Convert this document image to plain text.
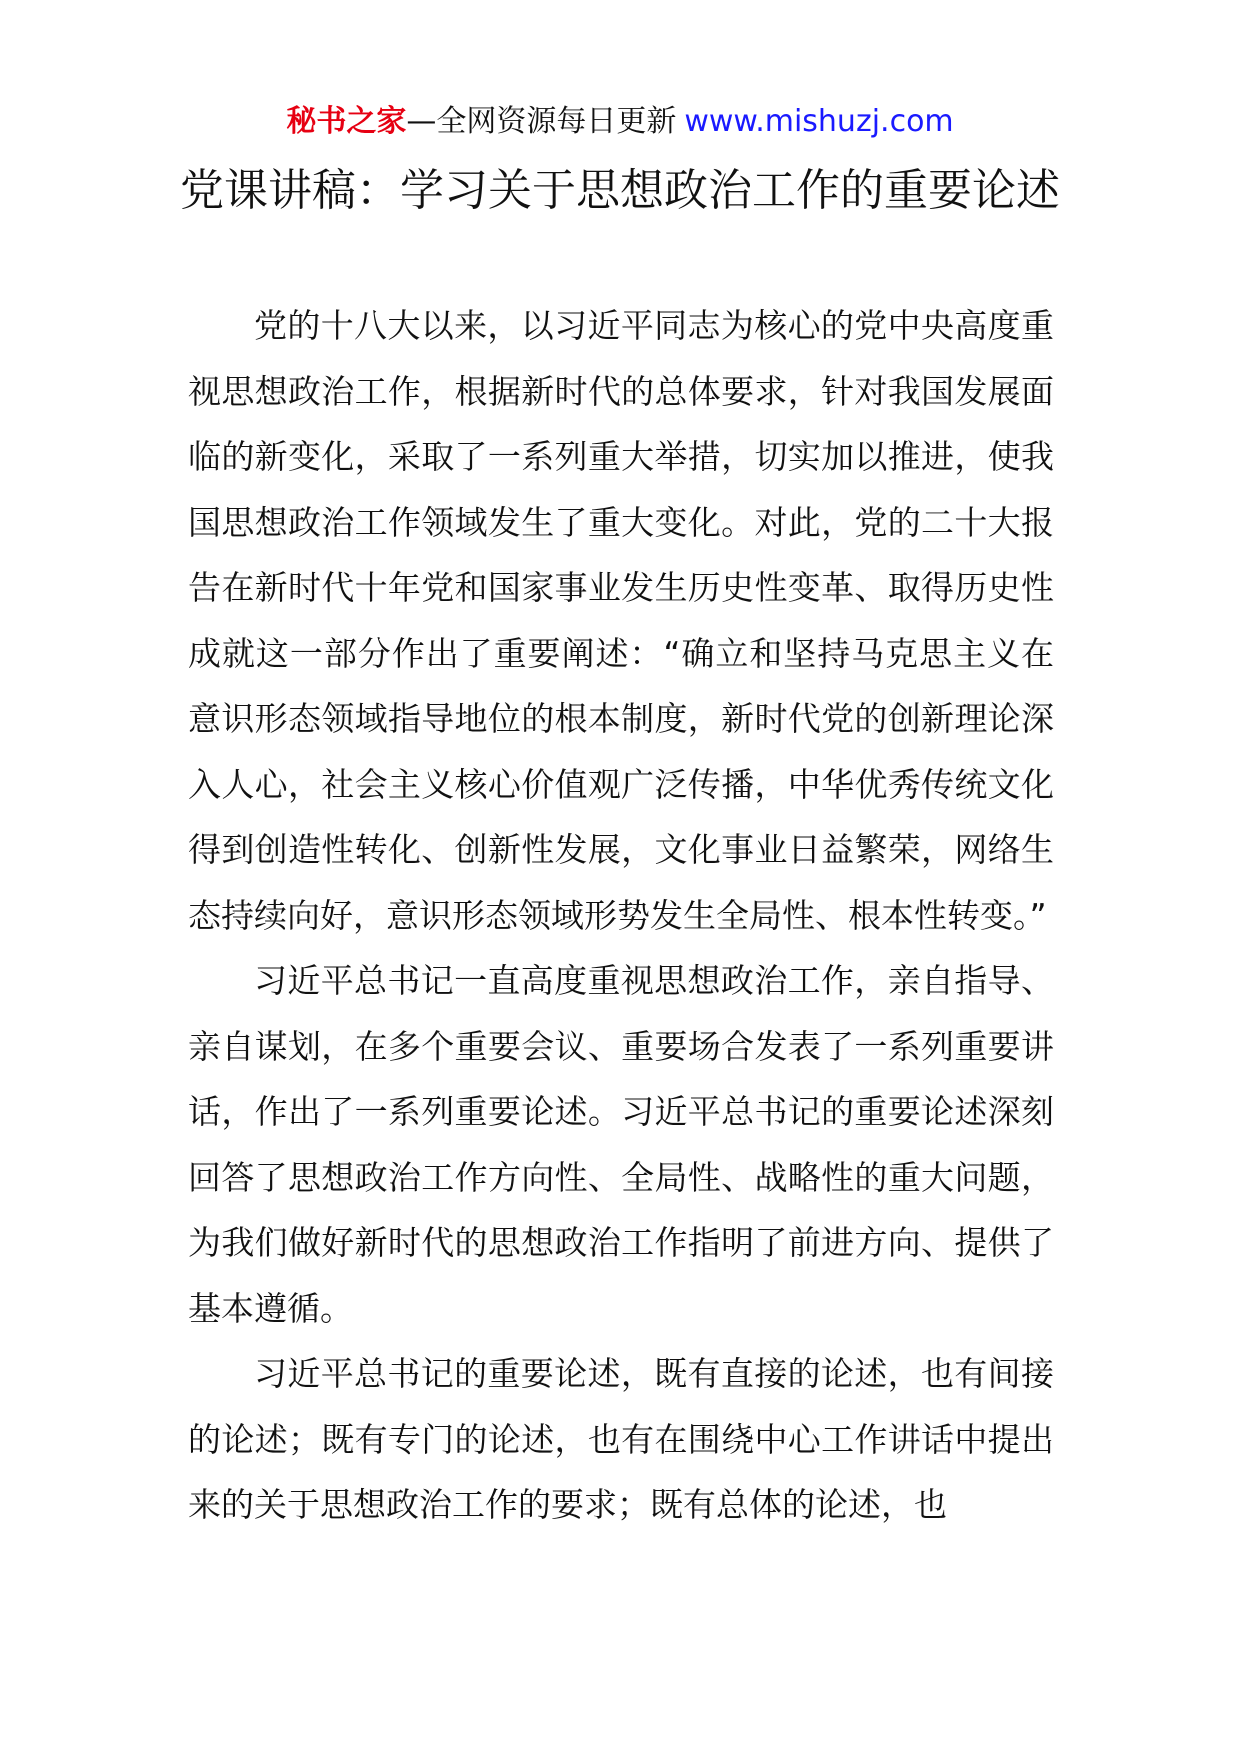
秘书之家—全网资源每日更新 www.mishuzj.com
党课讲稿：学习关于思想政治工作的重要论述

党的十八大以来，以习近平同志为核心的党中央高度重视思想政治工作，根据新时代的总体要求，针对我国发展面临的新变化，采取了一系列重大举措，切实加以推进，使我国思想政治工作领域发生了重大变化。对此，党的二十大报告在新时代十年党和国家事业发生历史性变革、取得历史性成就这一部分作出了重要阐述：“确立和坚持马克思主义在意识形态领域指导地位的根本制度，新时代党的创新理论深入人心，社会主义核心价值观广泛传播，中华优秀传统文化得到创造性转化、创新性发展，文化事业日益繁荣，网络生态持续向好，意识形态领域形势发生全局性、根本性转变。”

习近平总书记一直高度重视思想政治工作，亲自指导、亲自谋划，在多个重要会议、重要场合发表了一系列重要讲话，作出了一系列重要论述。习近平总书记的重要论述深刻回答了思想政治工作方向性、全局性、战略性的重大问题，为我们做好新时代的思想政治工作指明了前进方向、提供了基本遵循。

习近平总书记的重要论述，既有直接的论述，也有间接的论述；既有专门的论述，也有在围绕中心工作讲话中提出来的关于思想政治工作的要求；既有总体的论述，也
